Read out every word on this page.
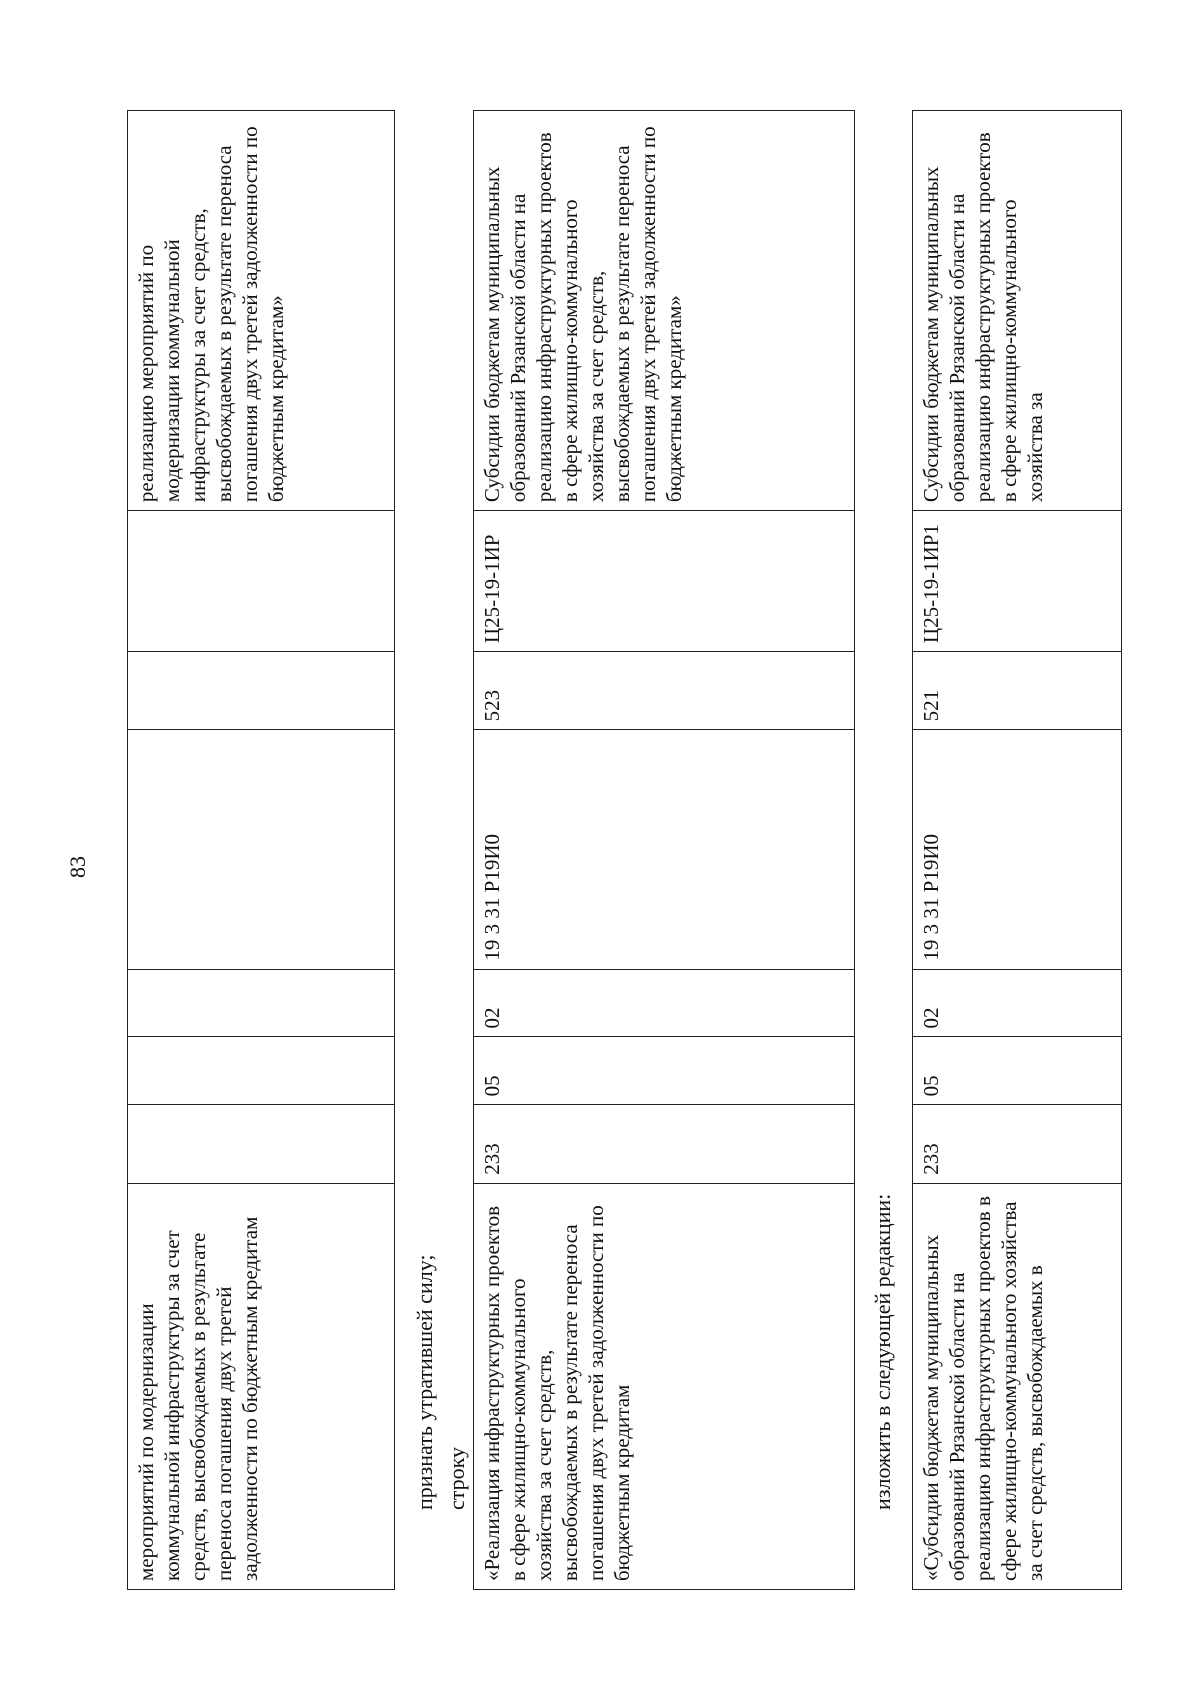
83
мероприятий по модернизации коммунальной инфраструктуры за счет средств, высвобождаемых в результате переноса погашения двух третей задолженности по бюджетным кредитам							реализацию мероприятий по модернизации коммунальной инфраструктуры за счет средств, высвобождаемых в результате переноса погашения двух третей задолженности по бюджетным кредитам»
признать утратившей силу; строку «Реализация инфраструктурных проектов в сфере жилищно-коммунального хозяйства за счет средств, высвобождаемых в результате переноса погашения двух третей задолженности по бюджетным кредитам	233	05	02	19 3 31 Р19И0	523	Ц25-19-1ИР	Субсидии бюджетам муниципальных образований Рязанской области на реализацию инфраструктурных проектов в сфере жилищно-коммунального хозяйства за счет средств, высвобождаемых в результате переноса погашения двух третей задолженности по бюджетным кредитам»
изложить в следующей редакции: «Субсидии бюджетам муниципальных образований Рязанской области на реализацию инфраструктурных проектов в сфере жилищно-коммунального хозяйства за счет средств, высвобождаемых в	233	05	02	19 3 31 Р19И0	521	Ц25-19-1ИР1	Субсидии бюджетам муниципальных образований Рязанской области на реализацию инфраструктурных проектов в сфере жилищно-коммунального хозяйства за
